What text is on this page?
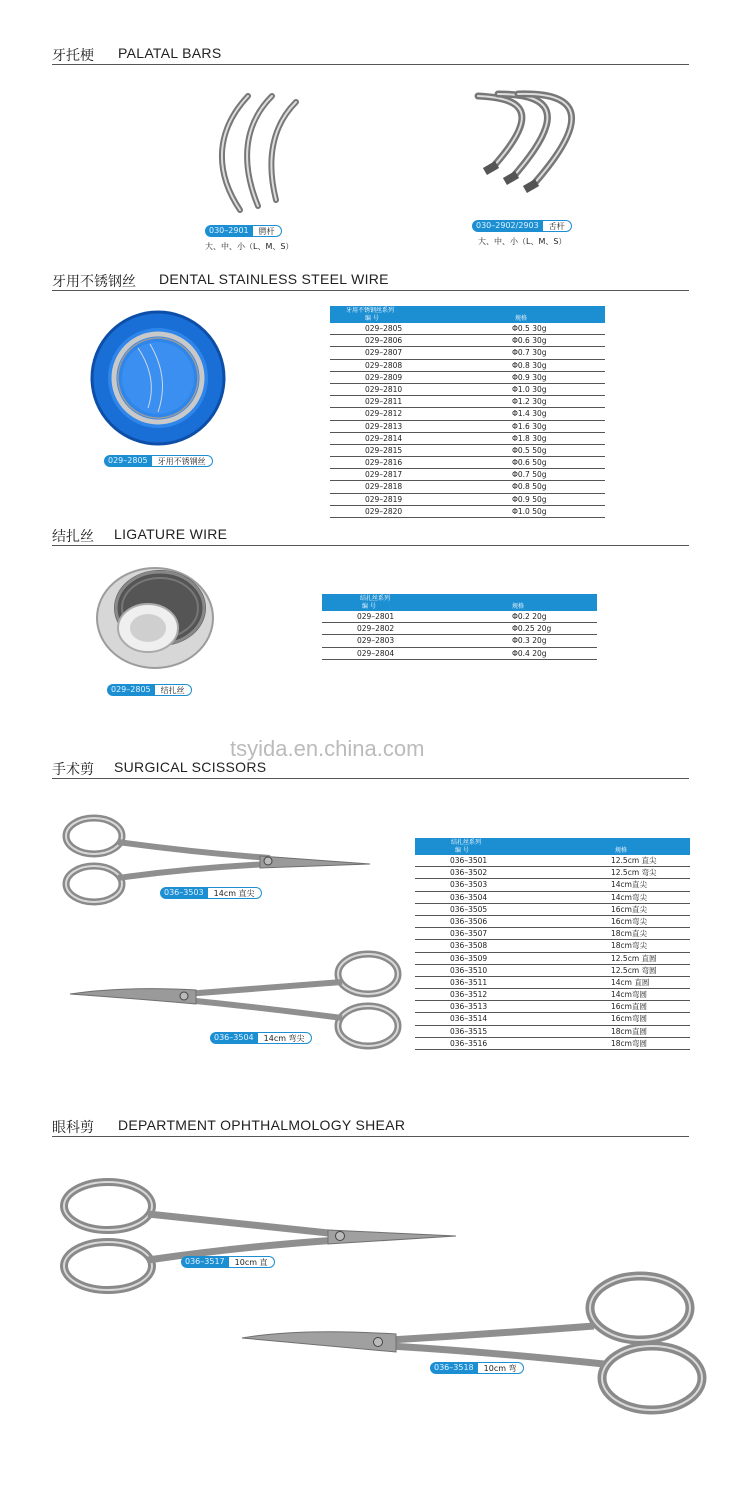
牙托梗 PALATAL BARS
030–2901	腭杆
大、中、小（L、M、S）
030–2902/2903	舌杆
大、中、小（L、M、S）
牙用不锈钢丝 DENTAL STAINLESS STEEL WIRE
029–2805	牙用不锈钢丝
牙用不锈钢丝系列
编 号	规格
029–2805	Φ0.5 30g
029–2806	Φ0.6 30g
029–2807	Φ0.7 30g
029–2808	Φ0.8 30g
029–2809	Φ0.9 30g
029–2810	Φ1.0 30g
029–2811	Φ1.2 30g
029–2812	Φ1.4 30g
029–2813	Φ1.6 30g
029–2814	Φ1.8 30g
029–2815	Φ0.5 50g
029–2816	Φ0.6 50g
029–2817	Φ0.7 50g
029–2818	Φ0.8 50g
029–2819	Φ0.9 50g
029–2820	Φ1.0 50g
结扎丝 LIGATURE WIRE
029–2805	结扎丝
结扎丝系列
编 号	规格
029–2801	Φ0.2 20g
029–2802	Φ0.25 20g
029–2803	Φ0.3 20g
029–2804	Φ0.4 20g
tsyida.en.china.com
手术剪 SURGICAL SCISSORS
036–3503	14cm 直尖
036–3504	14cm 弯尖
结扎丝系列
编 号	规格
036–3501	12.5cm 直尖
036–3502	12.5cm 弯尖
036–3503	14cm直尖
036–3504	14cm弯尖
036–3505	16cm直尖
036–3506	16cm弯尖
036–3507	18cm直尖
036–3508	18cm弯尖
036–3509	12.5cm 直圆
036–3510	12.5cm 弯圆
036–3511	14cm 直圆
036–3512	14cm弯圆
036–3513	16cm直圆
036–3514	16cm弯圆
036–3515	18cm直圆
036–3516	18cm弯圆
眼科剪 DEPARTMENT OPHTHALMOLOGY SHEAR
036–3517	10cm 直
036–3518	10cm 弯
